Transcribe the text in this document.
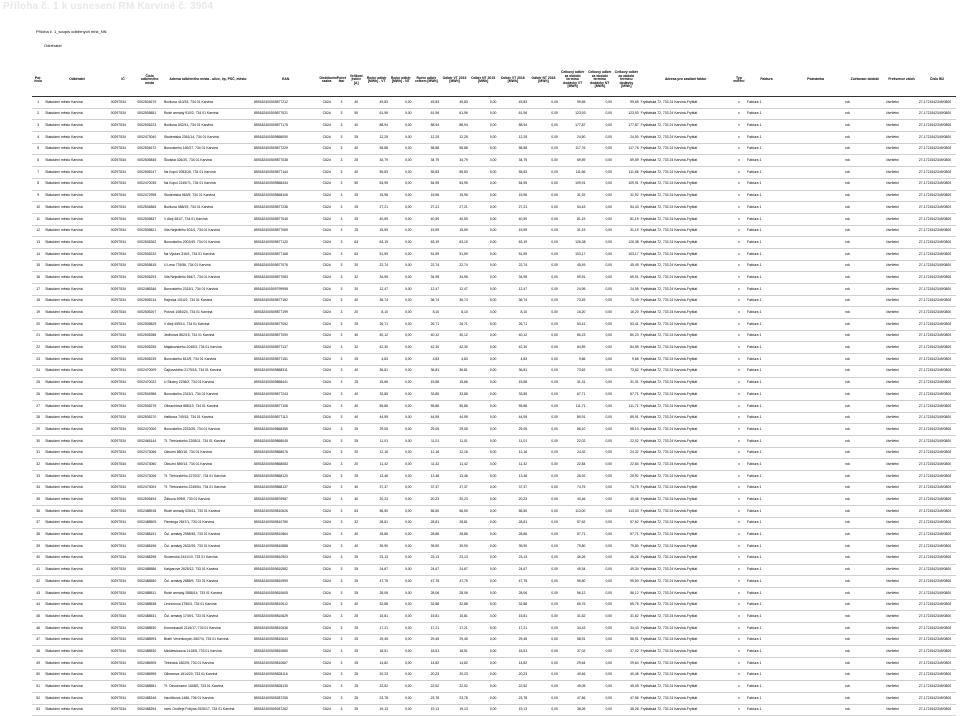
Příloha č. 1 k usnesení RM Karviné č. 3904
Příloha č. 1_soupis odběrných míst_NN
Odběratel
Poř. číslo	Odběratel	IČ	Číslo odběrného místa	Adresa odběrného místa - ulice, čp, PSČ, město	EAN	Distribuční sazba	Počet fází	Velikost jističe [A]	Roční odběr [MWh] - VT	Roční odběr [MWh] - NT	Roční odběr celkem [MWh]	Odběr VT 2015 [MWh]	Odběr NT 2015 [MWh]	Odběr VT 2016 [MWh]	Odběr NT 2016 [MWh]	Celkový odběr za období termínu dodávky VT [MWh]	Celkový odběr za období termínu dodávky NT [MWh]	Celkový odběr za období termínu dodávky [MWh]	Adresa pro zasílání faktur	Typ měření	Faktura	Poznámka	Zúčtovací období	Frekvence záloh	Číslo BÚ
1	Statutární město Karviná	00297534	0002504679	Božkova 410/33, 734 01 Karviná	859182400509877212	C62d	3	40	49,83	0,00	49,83	49,83	0,00	49,83	0,00	99,65	0,00	99,65	Fryštátská 72, 733 24 Karviná-Fryštát	x	Faktura 1		rok	čtvrtletní	27-1721542349/0800
2	Statutární město Karviná	00297534	0002505851	Rudé armády 910/2, 734 01 Karviná	859182400509877021	C62d	3	50	61,96	0,00	61,96	61,96	0,00	61,96	0,00	123,93	0,00	123,93	Fryštátská 72, 733 24 Karviná-Fryštát	x	Faktura 1		rok	čtvrtletní	27-1721542349/0800
3	Statutární město Karviná	00297534	0002505223	Božkova 542/41, 734 01 Karviná	859182400509877175	C62d	3	40	88,94	0,00	88,94	88,94	0,00	88,94	0,00	177,87	0,00	177,87	Fryštátská 72, 733 24 Karviná-Fryštát	x	Faktura 1		rok	čtvrtletní	27-1721542349/0800
4	Statutární město Karviná	00297534	0002473040	Studentská 2361/14, 734 01 Karviná	859182400509868090	C62d	3	25	12,25	0,00	12,25	12,25	0,00	12,25	0,00	24,50	0,00	24,50	Fryštátská 72, 733 24 Karviná-Fryštát	x	Faktura 1		rok	čtvrtletní	27-1721542349/0800
5	Statutární město Karviná	00297534	0002504672	Borovského 169/27, 734 01 Karviná	859182400509877229	C62d	3	40	58,88	0,00	58,88	58,88	0,00	58,88	0,00	117,76	0,00	117,76	Fryštátská 72, 733 24 Karviná-Fryštát	x	Faktura 1		rok	čtvrtletní	27-1721542349/0800
6	Statutární město Karviná	00297534	0002505845	Školská 426/20, 734 01 Karviná	859182400509877038	C62d	3	25	34,79	0,00	34,79	34,79	0,00	34,79	0,00	69,59	0,00	69,59	Fryštátská 72, 733 24 Karviná-Fryštát	x	Faktura 1		rok	čtvrtletní	27-1721542349/0800
7	Statutární město Karviná	00297534	0002505247	Na Kopci 2083/26, 734 01 Karviná	859182400509877144	C62d	3	40	55,83	0,00	55,83	55,83	0,00	55,83	0,00	111,66	0,00	111,66	Fryštátská 72, 733 24 Karviná-Fryštát	x	Faktura 1		rok	čtvrtletní	27-1721542349/0800
8	Statutární město Karviná	00297534	0002470035	Na Kopci 2145/71, 734 01 Karviná	859182400509868434	C62d	3	50	54,95	0,00	54,95	54,95	0,00	54,95	0,00	109,91	0,00	109,91	Fryštátská 72, 733 24 Karviná-Fryštát	x	Faktura 1		rok	čtvrtletní	27-1721542349/0800
9	Statutární město Karviná	00297534	0002472998	Studentská 963/5, 734 01 Karviná	859182400509868106	C62d	3	25	15,96	0,00	15,96	15,96	0,00	15,96	0,00	31,92	0,00	31,92	Fryštátská 72, 733 24 Karviná-Fryštát	x	Faktura 1		rok	čtvrtletní	27-1721542349/0800
10	Statutární město Karviná	00297534	0002504865	Božkova 588/19, 734 01 Karviná	859182400509877236	C62d	3	25	27,21	0,00	27,21	27,21	0,00	27,21	0,00	54,43	0,00	54,43	Fryštátská 72, 733 24 Karviná-Fryštát	x	Faktura 1		rok	čtvrtletní	27-1721542349/0800
11	Statutární město Karviná	00297534	0002505837	V Aleji 481/7, 734 01 Karviná	859182400509877045	C62d	3	25	40,59	0,00	40,59	40,59	0,00	40,59	0,00	81,19	0,00	81,19	Fryštátská 72, 733 24 Karviná-Fryštát	x	Faktura 1		rok	čtvrtletní	27-1721542349/0800
12	Statutární město Karviná	00297534	0002505821	Vila Nejedlého 501/4, 734 01 Karviná	859182400509877069	C62d	3	25	15,59	0,00	15,59	15,59	0,00	15,59	0,00	31,19	0,00	31,19	Fryštátská 72, 733 24 Karviná-Fryštát	x	Faktura 1		rok	čtvrtletní	27-1721542349/0800
13	Statutární město Karviná	00297534	0002505262	Borovského 2002/49, 734 01 Karviná	859182400509877120	C62d	3	63	63,19	0,00	63,19	63,19	0,00	63,19	0,00	126,38	0,00	126,38	Fryštátská 72, 733 24 Karviná-Fryštát	x	Faktura 1		rok	čtvrtletní	27-1721542349/0800
14	Statutární město Karviná	00297534	0002505232	Na Výsluní 316/1, 734 01 Karviná	859182400509877168	C62d	3	63	51,59	0,00	51,59	51,59	0,00	51,59	0,00	103,17	0,00	103,17	Fryštátská 72, 733 24 Karviná-Fryštát	x	Faktura 1		rok	čtvrtletní	27-1721542349/0800
15	Statutární město Karviná	00297534	0002505815	U Lesa 776/56, 734 01 Karviná	859182400509877076	C62d	3	20	22,74	0,00	22,74	22,74	0,00	22,74	0,00	45,49	0,00	45,49	Fryštátská 72, 733 24 Karviná-Fryštát	x	Faktura 1		rok	čtvrtletní	27-1721542349/0800
16	Statutární město Karviná	00297534	0002505293	Vila Nejedlého 564/7, 734 01 Karviná	859182400509877083	C62d	3	32	34,95	0,00	34,95	34,95	0,00	34,95	0,00	69,91	0,00	69,91	Fryštátská 72, 733 24 Karviná-Fryštát	x	Faktura 1		rok	čtvrtletní	27-1721542349/0800
17	Statutární město Karviná	00297534	0002486346	Borovského 2315/1, 734 01 Karviná	859182400509799998	C62d	3	20	12,47	0,00	12,47	12,47	0,00	12,47	0,00	24,95	0,00	24,95	Fryštátská 72, 733 24 Karviná-Fryštát	x	Faktura 1		rok	čtvrtletní	27-1721542349/0800
18	Statutární město Karviná	00297534	0002505214	Rajecká 1014/2, 734 01 Karviná	859182400509877182	C62d	3	40	36,74	0,00	36,74	36,74	0,00	36,74	0,00	73,49	0,00	73,49	Fryštátská 72, 733 24 Karviná-Fryštát	x	Faktura 1		rok	čtvrtletní	27-1721542349/0800
19	Statutární město Karviná	00297534	0002505207	Pokrok 1084/24, 734 01 Karviná	859182400509877199	C62d	3	20	8,10	0,00	8,10	8,10	0,00	8,10	0,00	16,20	0,00	16,20	Fryštátská 72, 733 24 Karviná-Fryštát	x	Faktura 1		rok	čtvrtletní	27-1721542349/0800
20	Statutární město Karviná	00297534	0002505829	V Aleji 459/14, 734 01 Karviná	859182400509877052	C62d	3	25	26,71	0,00	26,71	26,71	0,00	26,71	0,00	53,41	0,00	53,41	Fryštátská 72, 733 24 Karviná-Fryštát	x	Faktura 1		rok	čtvrtletní	27-1721542349/0800
21	Statutární město Karviná	00297534	0002505286	Jedlinová 862/15, 734 01 Karviná	859182400509877090	C62d	3	40	40,12	0,00	40,12	40,12	0,00	40,12	0,00	80,23	0,00	80,23	Fryštátská 72, 733 24 Karviná-Fryštát	x	Faktura 1		rok	čtvrtletní	27-1721542349/0800
22	Statutární město Karviná	00297534	0002505255	Majakovského 2045/3, 734 01 Karviná	859182400509877137	C62d	3	32	42,30	0,00	42,30	42,30	0,00	42,30	0,00	84,59	0,00	84,59	Fryštátská 72, 733 24 Karviná-Fryštát	x	Faktura 1		rok	čtvrtletní	27-1721542349/0800
23	Statutární město Karviná	00297534	0002505239	Borovského 813/9, 734 01 Karviná	859182400509877151	C62d	3	25	4,83	0,00	4,83	4,83	0,00	4,83	0,00	9,66	0,00	9,66	Fryštátská 72, 733 24 Karviná-Fryštát	x	Faktura 1		rok	čtvrtletní	27-1721542349/0800
24	Statutární město Karviná	00297534	0002470009	Čajkovského 2179/18, 734 01 Karviná	859182400509868311	C62d	3	40	36,81	0,00	36,81	36,81	0,00	36,81	0,00	73,62	0,00	73,62	Fryštátská 72, 733 24 Karviná-Fryštát	x	Faktura 1		rok	čtvrtletní	27-1721542349/0800
25	Statutární město Karviná	00297534	0002470022	U Studny 2236/2, 734 01 Karviná	859182400509868441	C62d	3	25	15,66	0,00	15,66	15,66	0,00	15,66	0,00	31,31	0,00	31,31	Fryštátská 72, 733 24 Karviná-Fryštát	x	Faktura 1		rok	čtvrtletní	27-1721542349/0800
26	Statutární město Karviná	00297534	0002504986	Borovského 2315/1, 734 01 Karviná	859182400509877243	C62d	3	40	33,85	0,00	33,85	33,85	0,00	33,85	0,00	67,71	0,00	67,71	Fryštátská 72, 733 24 Karviná-Fryštát	x	Faktura 1		rok	čtvrtletní	27-1721542349/0800
27	Statutární město Karviná	00297534	0002505279	Olbrachtova 888/19, 734 01 Karviná	859182400509877106	C62d	3	40	55,86	0,00	55,86	55,86	0,00	55,86	0,00	111,71	0,00	111,71	Fryštátská 72, 733 24 Karviná-Fryštát	x	Faktura 1		rok	čtvrtletní	27-1721542349/0800
28	Statutární město Karviná	00297534	0002505270	Hatlkova 749/15, 734 01 Karviná	859182400509877113	C62d	3	40	44,95	0,00	44,95	44,95	0,00	44,95	0,00	89,91	0,00	89,91	Fryštátská 72, 733 24 Karviná-Fryštát	x	Faktura 1		rok	čtvrtletní	27-1721542349/0800
29	Statutární město Karviná	00297534	0002470000	Borovského 2233/26, 734 01 Karviná	859182400509868359	C62d	3	25	29,05	0,00	29,05	29,05	0,00	29,05	0,00	58,10	0,00	58,10	Fryštátská 72, 733 24 Karviná-Fryštát	x	Faktura 1		rok	čtvrtletní	27-1721542349/0800
30	Statutární město Karviná	00297534	0002465144	Tř. Třebízského 2208/11, 734 01 Karviná	859182400509868045	C62d	3	25	11,01	0,00	11,01	11,01	0,00	11,01	0,00	22,02	0,00	22,02	Fryštátská 72, 733 24 Karviná-Fryštát	x	Faktura 1		rok	čtvrtletní	27-1721542349/0800
31	Statutární město Karviná	00297534	0002473066	Okružní 860/16, 734 01 Karviná	859182400509868076	C62d	3	20	12,16	0,00	12,16	12,16	0,00	12,16	0,00	24,32	0,00	24,32	Fryštátská 72, 733 24 Karviná-Fryštát	x	Faktura 1		rok	čtvrtletní	27-1721542349/0800
32	Statutární město Karviná	00297534	0002473060	Okružní 859/14, 734 01 Karviná	859182400509868083	C62d	3	20	11,42	0,00	11,42	11,42	0,00	11,42	0,00	22,84	0,00	22,84	Fryštátská 72, 733 24 Karviná-Fryštát	x	Faktura 1		rok	čtvrtletní	27-1721542349/0800
33	Statutární město Karviná	00297534	0002473006	Tř. Třebízského 2270/37, 734 01 Karviná	859182400509868120	C62d	3	25	13,46	0,00	13,46	13,46	0,00	13,46	0,00	26,92	0,00	26,92	Fryštátská 72, 733 24 Karviná-Fryštát	x	Faktura 1		rok	čtvrtletní	27-1721542349/0800
34	Statutární město Karviná	00297534	0002473004	Tř. Třebízského 2245/54, 734 01 Karviná	859182400509868137	C62d	3	40	37,37	0,00	37,37	37,37	0,00	37,37	0,00	74,75	0,00	74,75	Fryštátská 72, 733 24 Karviná-Fryštát	x	Faktura 1		rok	čtvrtletní	27-1721542349/0800
35	Statutární město Karviná	00297534	0002505494	Žižkova 399/8, 733 01 Karviná	859182400509876987	C62d	3	40	20,23	0,00	20,23	20,23	0,00	20,23	0,00	40,46	0,00	40,46	Fryštátská 72, 733 24 Karviná-Fryštát	x	Faktura 1		rok	čtvrtletní	27-1721542349/0800
36	Statutární město Karviná	00297534	0002488918	Rudé armády 526/11, 733 01 Karviná	859182400509810626	C62d	3	63	56,50	0,00	56,50	56,50	0,00	56,50	0,00	113,00	0,00	113,00	Fryštátská 72, 733 24 Karviná-Fryštát	x	Faktura 1		rok	čtvrtletní	27-1721542349/0800
37	Statutární město Karviná	00297534	0002488505	Fleminga 2547/1, 733 01 Karviná	859182400509810780	C62d	3	32	28,81	0,00	28,81	28,81	0,00	28,81	0,00	57,62	0,00	57,62	Fryštátská 72, 733 24 Karviná-Fryštát	x	Faktura 1		rok	čtvrtletní	27-1721542349/0800
38	Statutární město Karviná	00297534	0002488191	Čsl. armády 2958/45, 733 01 Karviná	859182400509810864	C62d	3	40	28,86	0,00	28,86	28,86	0,00	28,86	0,00	57,71	0,00	57,71	Fryštátská 72, 733 24 Karviná-Fryštát	x	Faktura 1		rok	čtvrtletní	27-1721542349/0800
39	Statutární město Karviná	00297534	0002488196	Čsl. armády 2632/29, 733 01 Karviná	859182400509810888	C62d	3	40	39,90	0,00	39,90	39,90	0,00	39,90	0,00	79,80	0,00	79,80	Fryštátská 72, 733 24 Karviná-Fryštát	x	Faktura 1		rok	čtvrtletní	27-1721542349/0800
40	Statutární město Karviná	00297534	0002488298	Slovenská 2441/10, 733 01 Karviná	859182400509810903	C62d	3	25	23,13	0,00	23,13	23,13	0,00	23,13	0,00	46,26	0,00	46,26	Fryštátská 72, 733 24 Karviná-Fryštát	x	Faktura 1		rok	čtvrtletní	27-1721542349/0800
41	Statutární město Karviná	00297534	0002488586	Kašparove 2625/12, 733 01 Karviná	859182400509810582	C62d	3	25	24,67	0,00	24,67	24,67	0,00	24,67	0,00	49,34	0,00	49,34	Fryštátská 72, 733 24 Karviná-Fryštát	x	Faktura 1		rok	čtvrtletní	27-1721542349/0800
42	Statutární město Karviná	00297534	0002488550	Čsl. armády 2885/9, 733 01 Karviná	859182400509810599	C62d	3	25	47,75	0,00	47,75	47,75	0,00	47,75	0,00	95,50	0,00	95,50	Fryštátská 72, 733 24 Karviná-Fryštát	x	Faktura 1		rok	čtvrtletní	27-1721542349/0800
43	Statutární město Karviná	00297534	0002488511	Rudé armády 2888/14, 733 01 Karviná	859182400509810605	C62d	3	25	28,06	0,00	28,06	28,06	0,00	28,06	0,00	56,12	0,00	56,12	Fryštátská 72, 733 24 Karviná-Fryštát	x	Faktura 1		rok	čtvrtletní	27-1721542349/0800
44	Statutární město Karviná	00297534	0002488538	Leonovova 1755/3, 733 01 Karviná	859182400509810612	C62d	3	40	32,88	0,00	32,88	32,88	0,00	32,88	0,00	65,76	0,00	65,76	Fryštátská 72, 733 24 Karviná-Fryštát	x	Faktura 1		rok	čtvrtletní	27-1721542349/0800
45	Statutární město Karviná	00297534	0002488531	Čsl. armády 1749/1, 733 01 Karviná	859182400509810629	C62d	3	25	15,81	0,00	15,81	15,81	0,00	15,81	0,00	31,62	0,00	31,62	Fryštátská 72, 733 24 Karviná-Fryštát	x	Faktura 1		rok	čtvrtletní	27-1721542349/0800
46	Statutární město Karviná	00297534	0002488530	Kosmonautů 2116/17, 733 01 Karviná	859182400509810636	C62d	3	25	17,21	0,00	17,21	17,21	0,00	17,21	0,00	34,43	0,00	34,43	Fryštátská 72, 733 24 Karviná-Fryštát	x	Faktura 1		rok	čtvrtletní	27-1721542349/0800
47	Statutární město Karviná	00297534	0002488993	Bratří Veverkových 2607/4, 733 01 Karviná	859182400509810643	C62d	3	25	29,45	0,00	29,45	29,45	0,00	29,45	0,00	58,91	0,00	58,91	Fryštátská 72, 733 24 Karviná-Fryštát	x	Faktura 1		rok	čtvrtletní	27-1721542349/0800
48	Statutární město Karviná	00297534	0002488530	Mickiewiczova 1418/8, 733 01 Karviná	859182400509810650	C62d	3	25	18,51	0,00	18,51	18,51	0,00	18,51	0,00	37,02	0,00	37,02	Fryštátská 72, 733 24 Karviná-Fryštát	x	Faktura 1		rok	čtvrtletní	27-1721542349/0800
49	Statutární město Karviná	00297534	0002486905	Těšínská 1802/5, 733 01 Karviná	859182400509810667	C62d	3	25	14,82	0,00	14,82	14,82	0,00	14,82	0,00	29,64	0,00	29,64	Fryštátská 72, 733 24 Karviná-Fryštát	x	Faktura 1		rok	čtvrtletní	27-1721542349/0800
50	Statutární město Karviná	00297534	0002486995	Ollmarova 1614/20, 733 01 Karviná	859182400509828116	C62d	3	25	20,23	0,00	20,23	20,23	0,00	20,23	0,00	40,46	0,00	40,46	Fryštátská 72, 733 24 Karviná-Fryštát	x	Faktura 1		rok	čtvrtletní	27-1721542349/0800
51	Statutární město Karviná	00297534	0002488581	Tř. Osvobození 1608/2, 733 01 Karviná	859182400509828130	C62d	3	25	22,52	0,00	22,52	22,52	0,00	22,52	0,00	45,05	0,00	45,05	Fryštátská 72, 733 24 Karviná-Fryštát	x	Faktura 1		rok	čtvrtletní	27-1721542349/0800
52	Statutární město Karviná	00297534	0002488246	Havlíčkova 1486, 736 01 Karviná	859182400509287255	C62d	3	25	23,78	0,00	23,78	23,78	0,00	23,78	0,00	47,56	0,00	47,56	Fryštátská 72, 733 24 Karviná-Fryštát	x	Faktura 1		rok	čtvrtletní	27-1721542349/0800
53	Statutární město Karviná	00297534	0002488294	nám. Ondřeje Foltýna 2526/17, 733 01 Karviná	859182400509287262	C62d	3	25	19,13	0,00	19,13	19,13	0,00	19,13	0,00	38,26	0,00	38,26	Fryštátská 72, 733 24 Karviná-Fryštát	x	Faktura 1		rok	čtvrtletní	27-1721542349/0800
